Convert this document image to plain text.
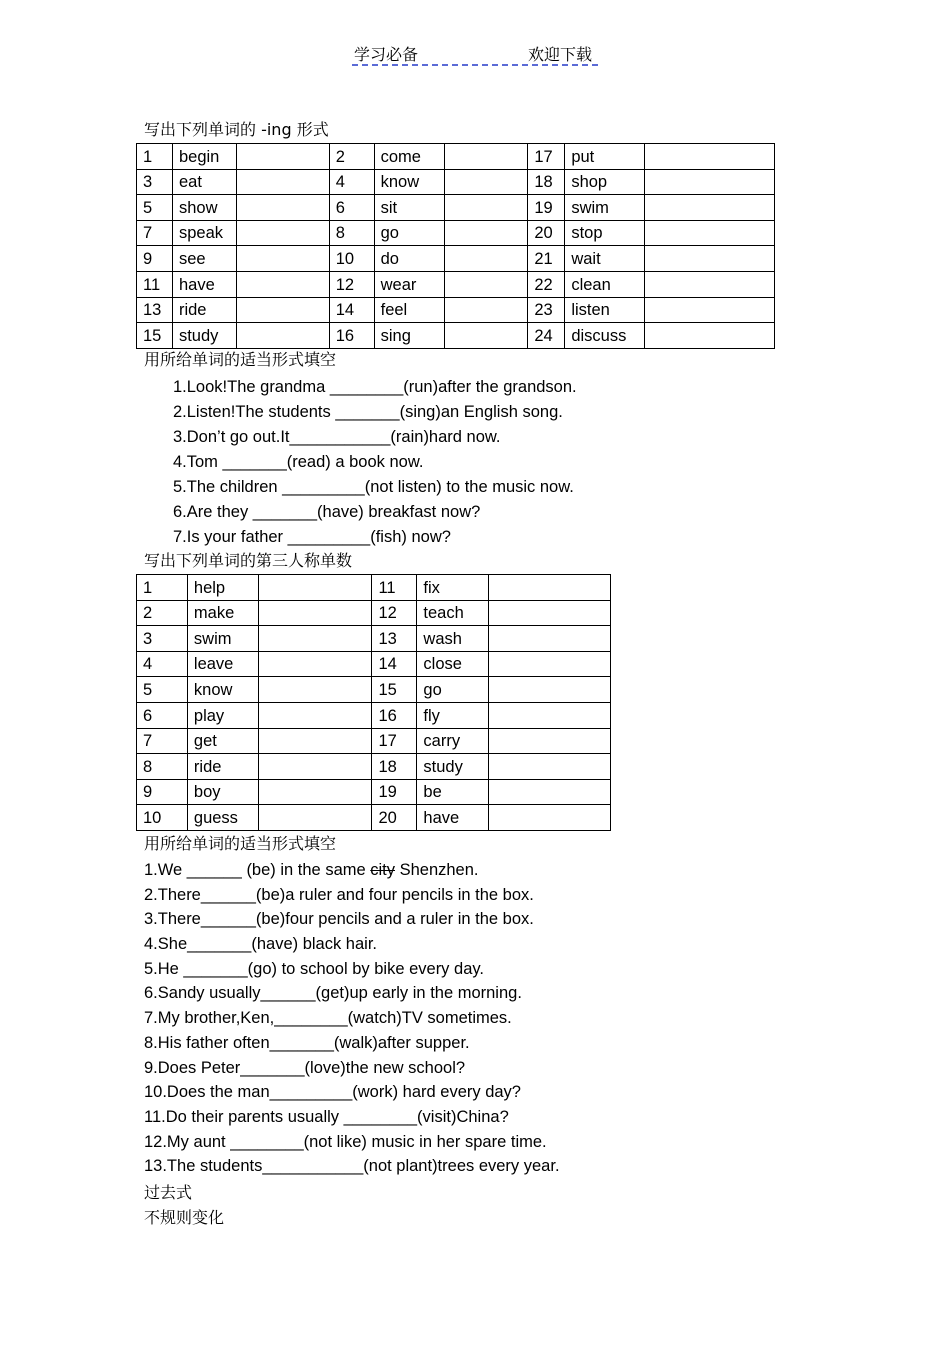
学习必备	欢迎下载
写出下列单词的 -ing 形式
1	begin		2	come		17	put	
3	eat		4	know		18	shop	
5	show		6	sit		19	swim	
7	speak		8	go		20	stop	
9	see		10	do		21	wait	
11	have		12	wear		22	clean	
13	ride		14	feel		23	listen	
15	study		16	sing		24	discuss	
用所给单词的适当形式填空
1.Look!The grandma ________(run)after the grandson.
2.Listen!The students _______(sing)an English song.
3.Don’t go out.It___________(rain)hard now.
4.Tom _______(read) a book now.
5.The children _________(not listen) to the music now.
6.Are they _______(have) breakfast now?
7.Is your father _________(fish) now?
写出下列单词的第三人称单数
1	help		11	fix	
2	make		12	teach	
3	swim		13	wash	
4	leave		14	close	
5	know		15	go	
6	play		16	fly	
7	get		17	carry	
8	ride		18	study	
9	boy		19	be	
10	guess		20	have	
用所给单词的适当形式填空
1.We ______ (be) in the same city Shenzhen.
2.There______(be)a ruler and four pencils in the box.
3.There______(be)four pencils and a ruler in the box.
4.She_______(have) black hair.
5.He _______(go) to school by bike every day.
6.Sandy usually______(get)up early in the morning.
7.My brother,Ken,________(watch)TV sometimes.
8.His father often_______(walk)after supper.
9.Does Peter_______(love)the new school?
10.Does the man_________(work) hard every day?
11.Do their parents usually ________(visit)China?
12.My aunt ________(not like) music in her spare time.
13.The students___________(not plant)trees every year.
过去式
不规则变化
